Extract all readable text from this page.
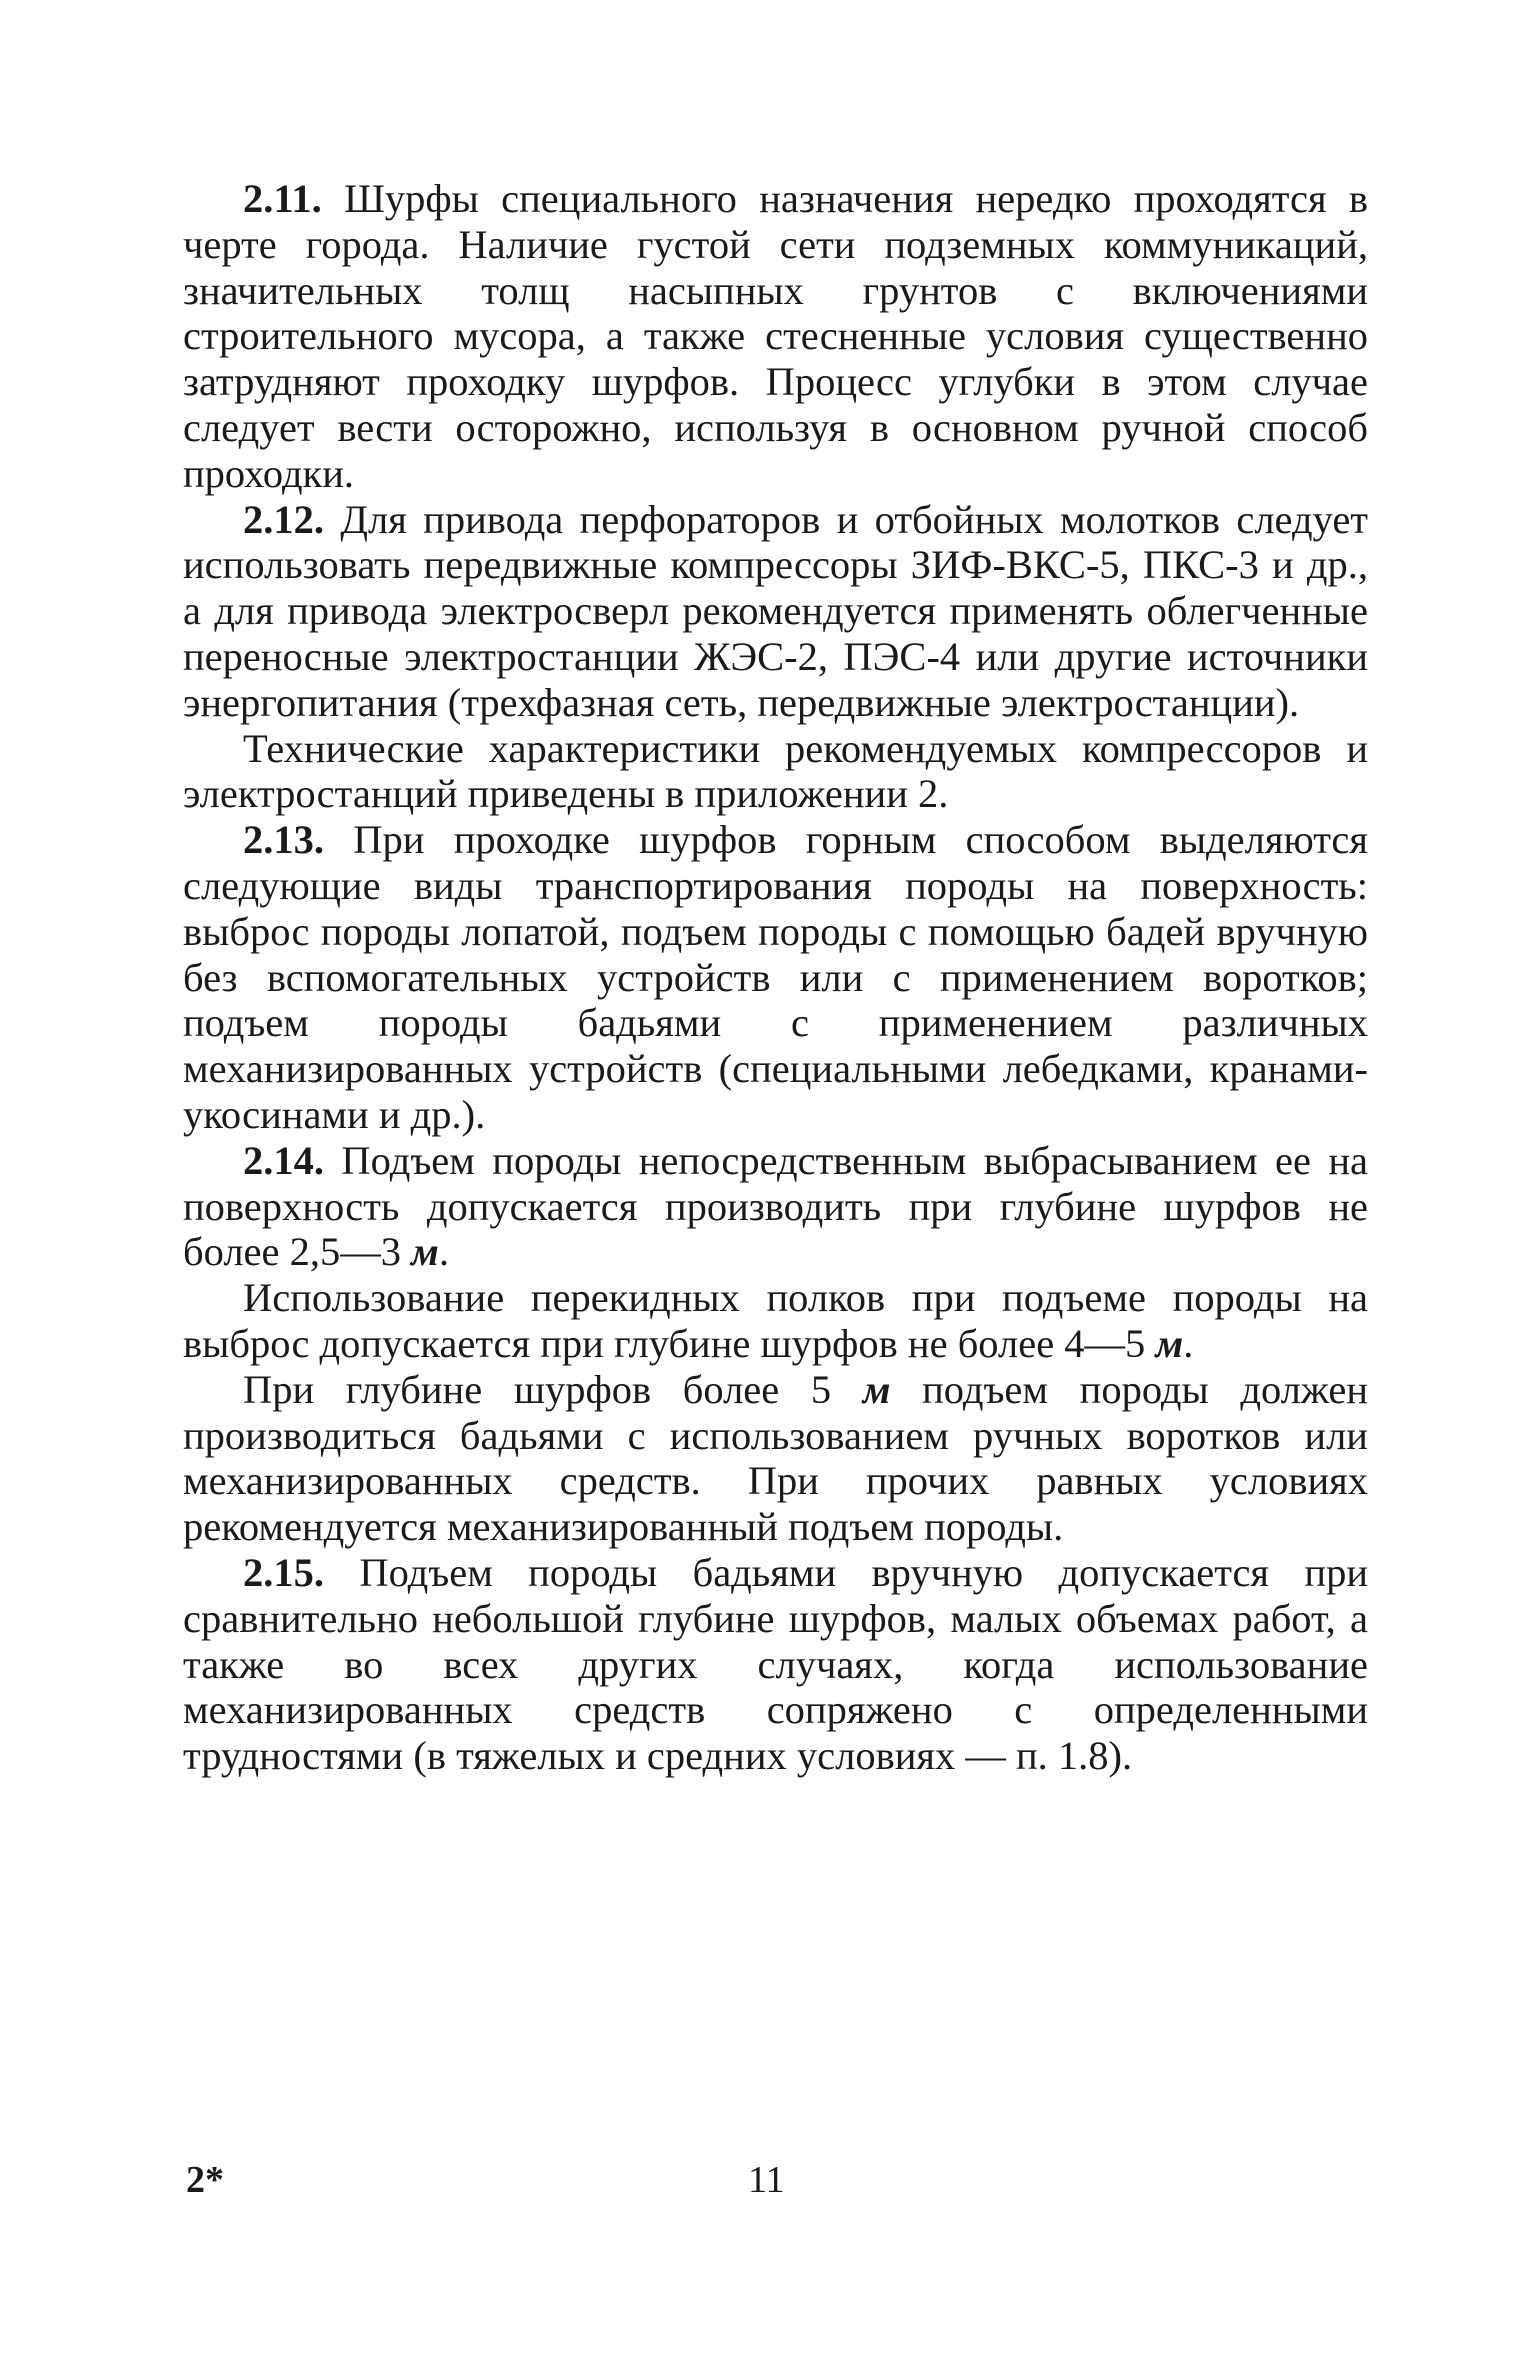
2.11. Шурфы специального назначения нередко проходятся в черте города. Наличие густой сети подземных коммуникаций, значительных толщ насыпных грунтов с включениями строительного мусора, а также стесненные условия существенно затрудняют проходку шурфов. Процесс углубки в этом случае следует вести осторожно, используя в основном ручной способ проходки.

2.12. Для привода перфораторов и отбойных молотков следует использовать передвижные компрессоры ЗИФ-ВКС-5, ПКС-3 и др., а для привода электросверл рекомендуется применять облегченные переносные электростанции ЖЭС-2, ПЭС-4 или другие источники энергопитания (трехфазная сеть, передвижные электростанции).

Технические характеристики рекомендуемых компрессоров и электростанций приведены в приложении 2.

2.13. При проходке шурфов горным способом выделяются следующие виды транспортирования породы на поверхность: выброс породы лопатой, подъем породы с помощью бадей вручную без вспомогательных устройств или с применением воротков; подъем породы бадьями с применением различных механизированных устройств (специальными лебедками, кранами-укосинами и др.).

2.14. Подъем породы непосредственным выбрасыванием ее на поверхность допускается производить при глубине шурфов не более 2,5—3 м.

Использование перекидных полков при подъеме породы на выброс допускается при глубине шурфов не более 4—5 м.

При глубине шурфов более 5 м подъем породы должен производиться бадьями с использованием ручных воротков или механизированных средств. При прочих равных условиях рекомендуется механизированный подъем породы.

2.15. Подъем породы бадьями вручную допускается при сравнительно небольшой глубине шурфов, малых объемах работ, а также во всех других случаях, когда использование механизированных средств сопряжено с определенными трудностями (в тяжелых и средних условиях — п. 1.8).

2*	11
